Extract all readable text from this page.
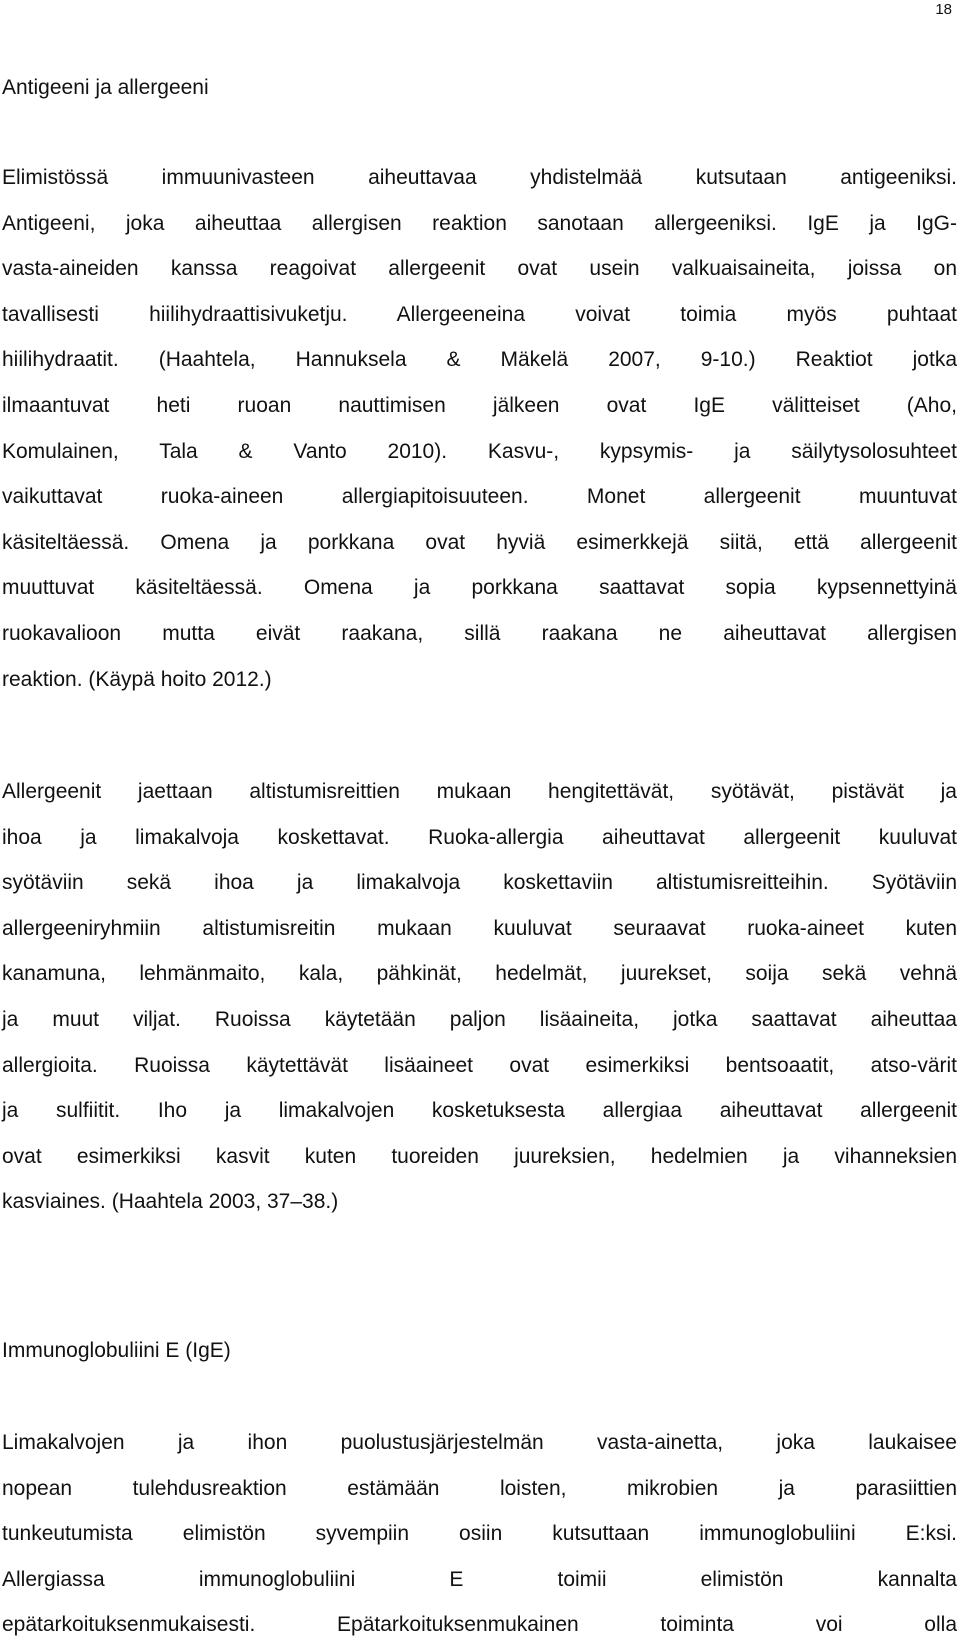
18
Antigeeni ja allergeeni
Elimistössä immuunivasteen aiheuttavaa yhdistelmää kutsutaan antigeeniksi.
Antigeeni, joka aiheuttaa allergisen reaktion sanotaan allergeeniksi. IgE ja IgG-
vasta-aineiden kanssa reagoivat allergeenit ovat usein valkuaisaineita, joissa on
tavallisesti hiilihydraattisivuketju. Allergeeneina voivat toimia myös puhtaat
hiilihydraatit. (Haahtela, Hannuksela & Mäkelä 2007, 9-10.) Reaktiot jotka
ilmaantuvat heti ruoan nauttimisen jälkeen ovat IgE välitteiset (Aho,
Komulainen, Tala & Vanto 2010). Kasvu-, kypsymis- ja säilytysolosuhteet
vaikuttavat ruoka-aineen allergiapitoisuuteen. Monet allergeenit muuntuvat
käsiteltäessä. Omena ja porkkana ovat hyviä esimerkkejä siitä, että allergeenit
muuttuvat käsiteltäessä. Omena ja porkkana saattavat sopia kypsennettyinä
ruokavalioon mutta eivät raakana, sillä raakana ne aiheuttavat allergisen
reaktion. (Käypä hoito 2012.)
Allergeenit jaettaan altistumisreittien mukaan hengitettävät, syötävät, pistävät ja
ihoa ja limakalvoja koskettavat. Ruoka-allergia aiheuttavat allergeenit kuuluvat
syötäviin sekä ihoa ja limakalvoja koskettaviin altistumisreitteihin. Syötäviin
allergeeniryhmiin altistumisreitin mukaan kuuluvat seuraavat ruoka-aineet kuten
kanamuna, lehmänmaito, kala, pähkinät, hedelmät, juurekset, soija sekä vehnä
ja muut viljat. Ruoissa käytetään paljon lisäaineita, jotka saattavat aiheuttaa
allergioita. Ruoissa käytettävät lisäaineet ovat esimerkiksi bentsoaatit, atso-värit
ja sulfiitit. Iho ja limakalvojen kosketuksesta allergiaa aiheuttavat allergeenit
ovat esimerkiksi kasvit kuten tuoreiden juureksien, hedelmien ja vihanneksien
kasviaines. (Haahtela 2003, 37–38.)
Immunoglobuliini E (IgE)
Limakalvojen ja ihon puolustusjärjestelmän vasta-ainetta, joka laukaisee
nopean tulehdusreaktion estämään loisten, mikrobien ja parasiittien
tunkeutumista elimistön syvempiin osiin kutsuttaan immunoglobuliini E:ksi.
Allergiassa immunoglobuliini E toimii elimistön kannalta
epätarkoituksenmukaisesti. Epätarkoituksenmukainen toiminta voi olla
